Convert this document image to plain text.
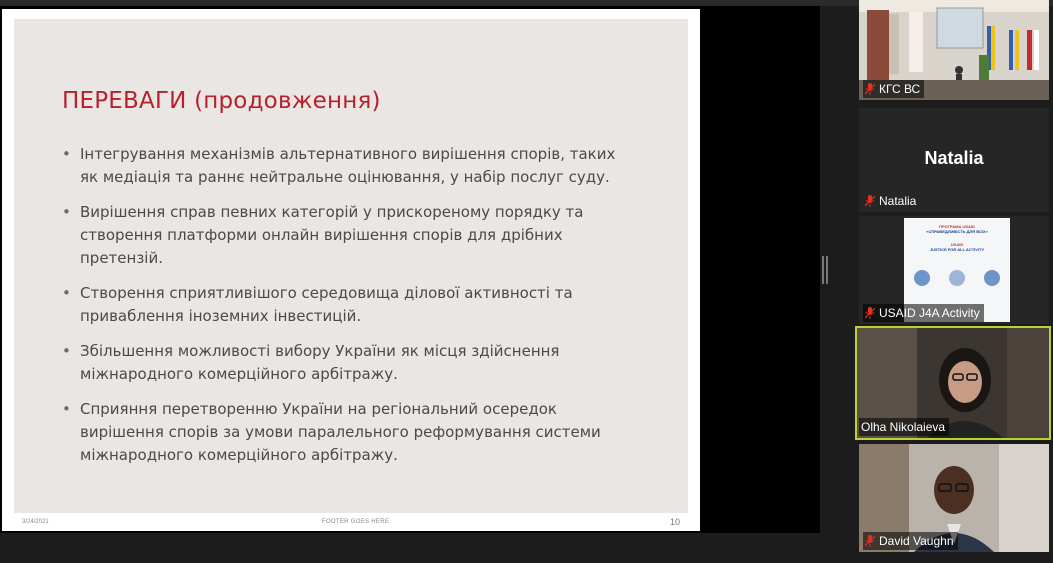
ПЕРЕВАГИ (продовження)
• Інтегрування механізмів альтернативного вирішення спорів, таких
як медіація та раннє нейтральне оцінювання, у набір послуг суду.
• Вирішення справ певних категорій у прискореному порядку та
створення платформи онлайн вирішення спорів для дрібних
претензій.
• Створення сприятливішого середовища ділової активності та
приваблення іноземних інвестицій.
• Збільшення можливості вибору України як місця здійснення
міжнародного комерційного арбітражу.
• Сприяння перетворенню України на регіональний осередок
вирішення спорів за умови паралельного реформування системи
міжнародного комерційного арбітражу.
3/24/2021	FOOTER GOES HERE	10
КГС ВС
Natalia
Natalia
ПРОГРАМА USAID
«СПРАВЕДЛИВІСТЬ ДЛЯ ВСІХ»
USAID
JUSTICE FOR ALL ACTIVITY
USAID J4A Activity
Olha Nikolaieva
David Vaughn
